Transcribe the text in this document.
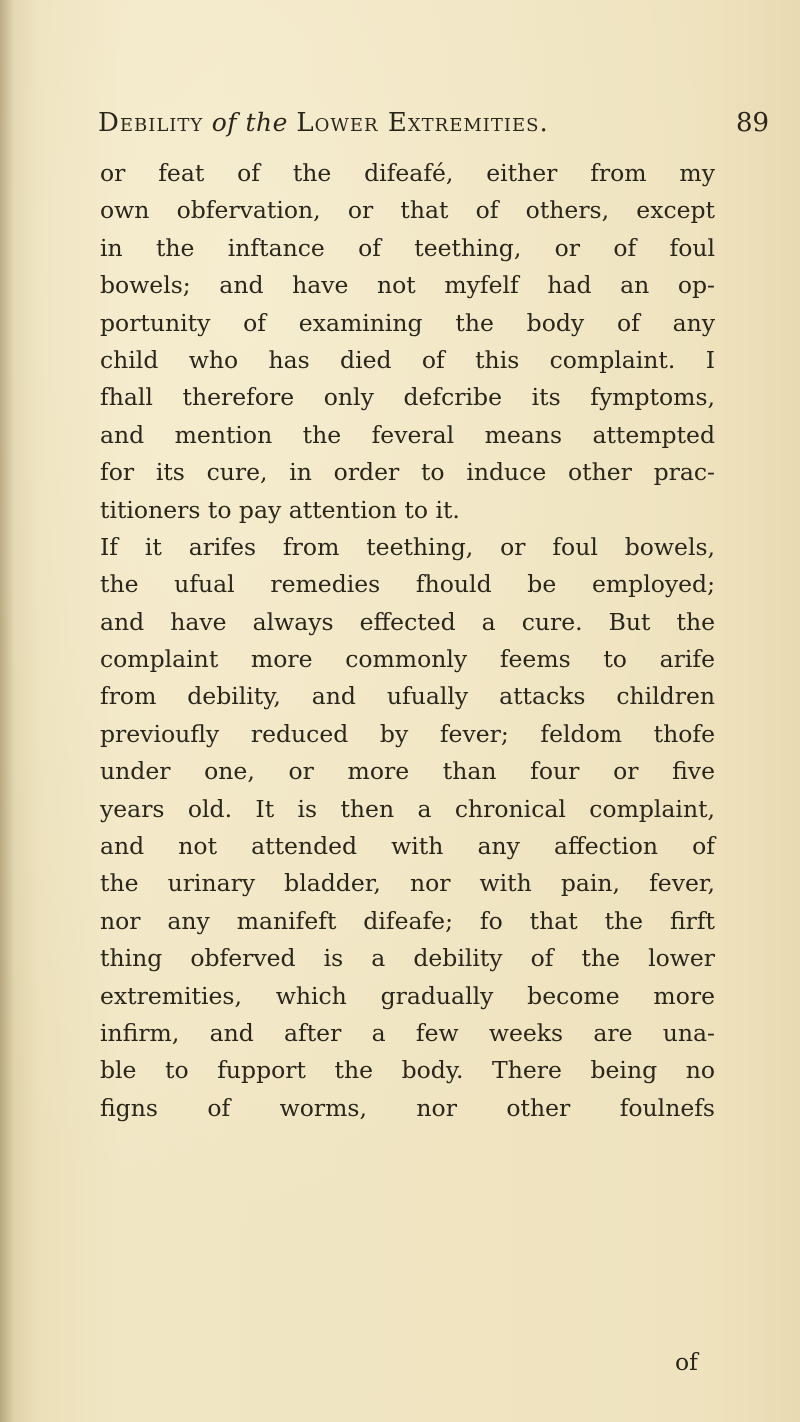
Debility of the Lower Extremities.	89
or feat of the difeafé, either from my
own obfervation, or that of others, except
in the inftance of teething, or of foul
bowels; and have not myfelf had an op-
portunity of examining the body of any
child who has died of this complaint. I
fhall therefore only defcribe its fymptoms,
and mention the feveral means attempted
for its cure, in order to induce other prac-
titioners to pay attention to it.
If it arifes from teething, or foul bowels,
the ufual remedies fhould be employed;
and have always effected a cure. But the
complaint more commonly feems to arife
from debility, and ufually attacks children
previoufly reduced by fever; feldom thofe
under one, or more than four or five
years old. It is then a chronical complaint,
and not attended with any affection of
the urinary bladder, nor with pain, fever,
nor any manifeft difeafe; fo that the firft
thing obferved is a debility of the lower
extremities, which gradually become more
infirm, and after a few weeks are una-
ble to fupport the body. There being no
figns of worms, nor other foulnefs
of
